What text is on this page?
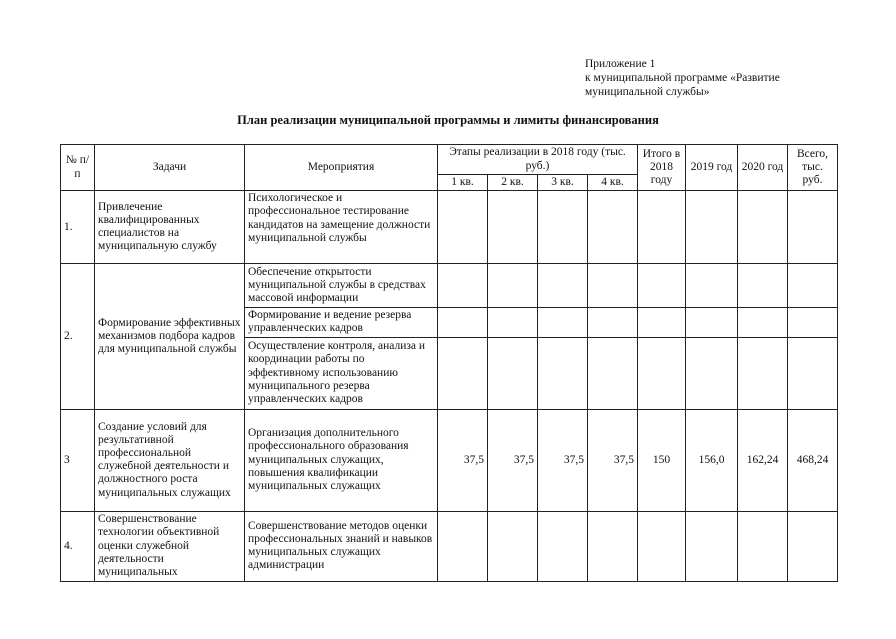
Приложение 1
к муниципальной программе «Развитие
муниципальной службы»
План реализации муниципальной программы и лимиты финансирования
№ п/п	Задачи	Мероприятия	Этапы реализации в 2018 году (тыс. руб.)				Итого в 2018 году	2019 год	2020 год	Всего, тыс. руб.
			1 кв.	2 кв.	3 кв.	4 кв.				
1.	Привлечение квалифицированных специалистов на муниципальную службу	Психологическое и профессиональное тестирование кандидатов на замещение должности муниципальной службы								
2.	Формирование эффективных механизмов подбора кадров для муниципальной службы	Обеспечение открытости муниципальной службы в средствах массовой информации								
		Формирование и ведение резерва управленческих кадров								
		Осуществление контроля, анализа и координации работы по эффективному использованию муниципального резерва управленческих кадров								
3	Создание условий для результативной профессиональной служебной деятельности и должностного роста муниципальных служащих	Организация дополнительного профессионального образования муниципальных служащих, повышения квалификации муниципальных служащих	37,5	37,5	37,5	37,5	150	156,0	162,24	468,24
4.	Совершенствование технологии объективной оценки служебной деятельности муниципальных	Совершенствование методов оценки профессиональных знаний и навыков муниципальных служащих администрации								
